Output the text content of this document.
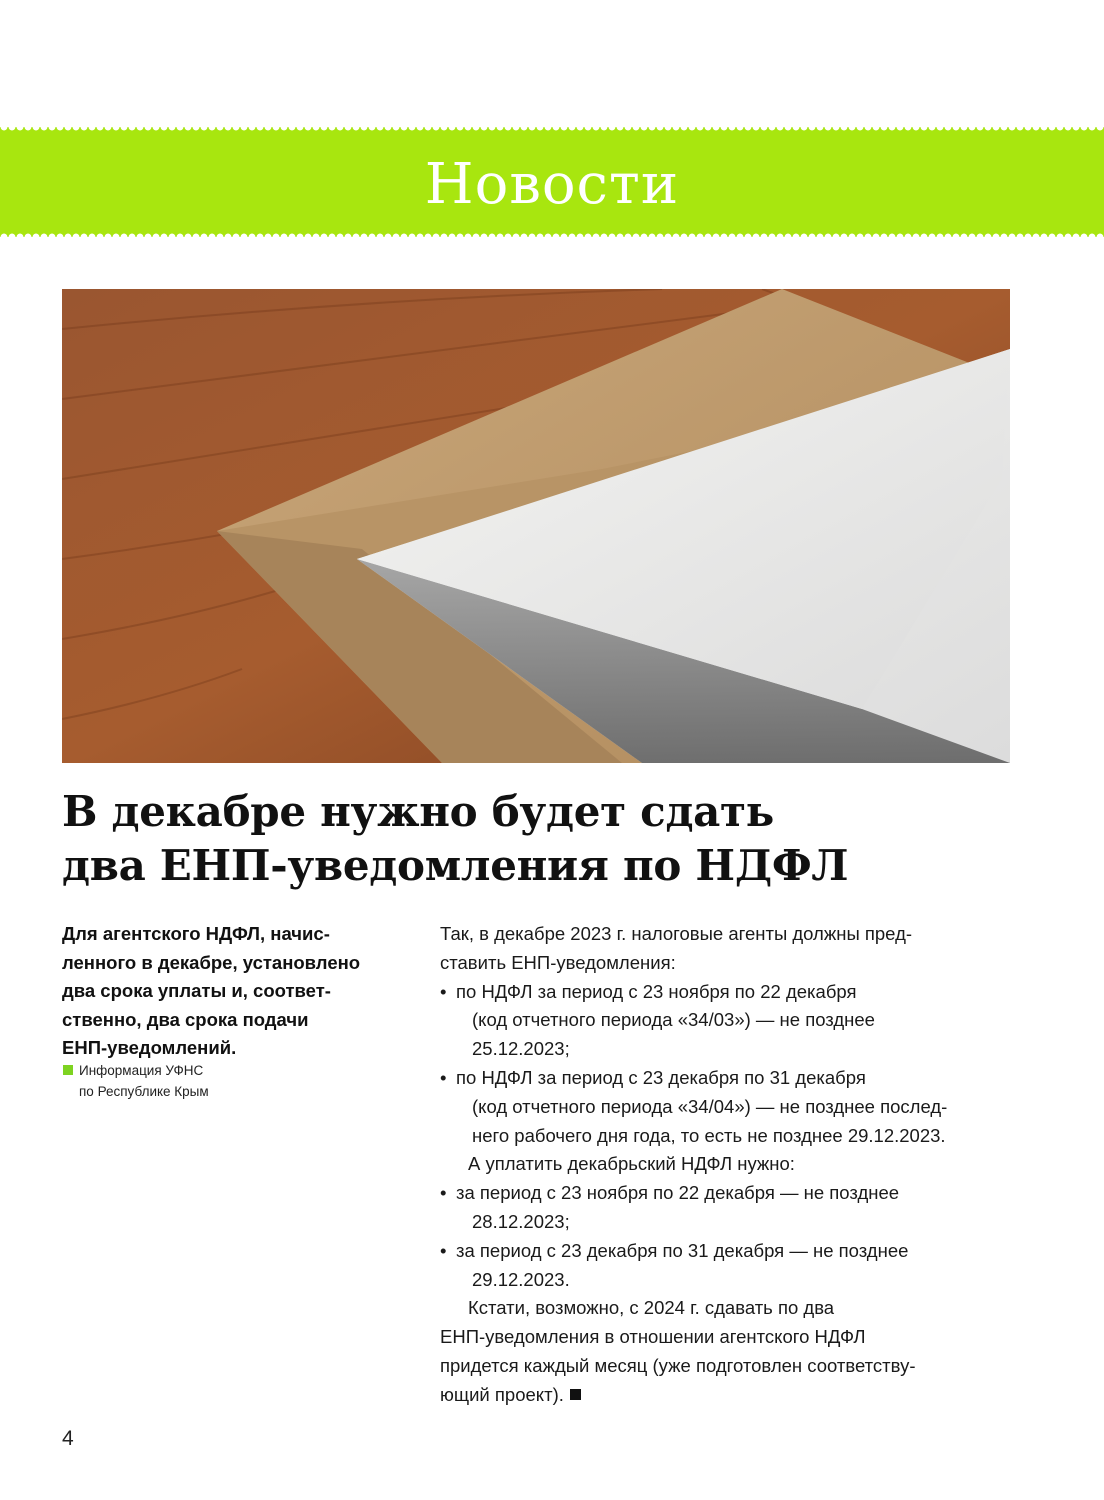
Новости
В декабре нужно будет сдать
два ЕНП-уведомления по НДФЛ
Для агентского НДФЛ, начис-
ленного в декабре, установлено
два срока уплаты и, соответ-
ственно, два срока подачи
ЕНП-уведомлений.
Информация УФНС
по Республике Крым
Так, в декабре 2023 г. налоговые агенты должны пред-
ставить ЕНП-уведомления:
• по НДФЛ за период с 23 ноября по 22 декабря
(код отчетного периода «34/03») — не позднее
25.12.2023;
• по НДФЛ за период с 23 декабря по 31 декабря
(код отчетного периода «34/04») — не позднее послед-
него рабочего дня года, то есть не позднее 29.12.2023.
А уплатить декабрьский НДФЛ нужно:
• за период с 23 ноября по 22 декабря — не позднее
28.12.2023;
• за период с 23 декабря по 31 декабря — не позднее
29.12.2023.
Кстати, возможно, с 2024 г. сдавать по два
ЕНП-уведомления в отношении агентского НДФЛ
придется каждый месяц (уже подготовлен соответству-
ющий проект).
4
